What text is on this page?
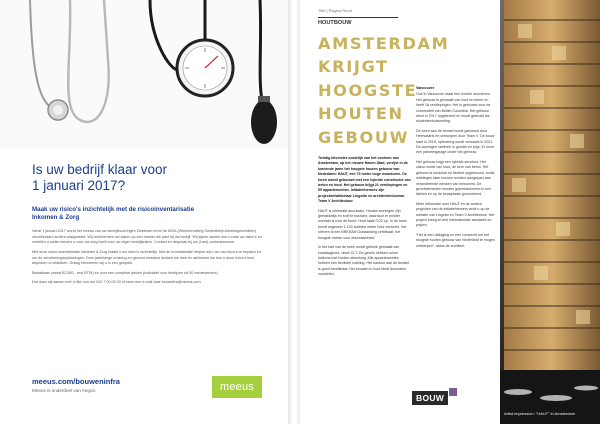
Is uw bedrijf klaar voor
1 januari 2017?
Maak uw risico's inzichtelijk met de risicoinventarisatie
Inkomen & Zorg

Vanaf 1 januari 2017 wordt het niveau van uw bedrijfsvoeringen Ziektewet en/of de WGA (Werkhervatting Gedeeltelijk Arbeidsgeschikten) verzekeraars anders vastgesteld. Wij beschermen uw zaken op een manier die past bij uw bedrijf. Wij kijken samen met u naar uw risico's en vertellen u welke keuzes u voor uw zorg heeft voor uw eigen bedrijfsrisico. Contact en afspraak bij uw (Last) contactpersoon.

Met onze risico-inventarisatie Inkomen & Zorg maakt u uw risico's inzichtelijk. Met de inventarisatie helpen wij u om uw risico's te bepalen en om de verzekeringsoplossingen. Door jarenlange ervaring en gezond verstand denken we mee en adviseren we hoe u deze risico's kunt beperken of afdekken. Graag informeren wij u in een gesprek.

Betaalbaar (vanaf €2.500,- excl BTW) en voor een compleet advies (Indicatief voor bedrijven tot 50 medewerkers)

Dat doen wij samen met u! Bel ons om 020 7 00 00 00 of stuur een e-mail naar bouwinfra@meeus.com.

meeus.com/bouweninfra
Meeus is onderdeel van Aegon.	meeus
Titel | Pagina Rond
HOUTBOUW
AMSTERDAM
KRIJGT
HOOGSTE
HOUTEN
GEBOUW

Twintig kilometer oostelijk van het centrum van Amsterdam, op het nieuwe Haven-Stad, verrijst in de komende jaren het hoogste houten gebouw van Nederland: HAUT, een 73 meter hoge woontoren. De toren wordt gebouwd met een hybride constructie van beton en hout. Het gebouw krijgt 21 verdiepingen en 55 appartementen. Initiatiefnemers zijn projectontwikkelaar Lingotto en architectenbureau Team V Architectuur.

HAUT is uitermate duurzaam. Houten woningen zijn gemakkelijk en snel te bouwen, waardoor er minder overlast is voor de buurt. Hout slaat CO2 op. In de toren wordt ongeveer 1.100 kubieke meter hout verwerkt. Het streven is een BREEAM Outstanding certificaat, het hoogste niveau voor duurzaamheid.

In het hart van de toren wordt gebruik gemaakt van kruislaaghout, ofwel CLT. De gevels hebben ruime balkons met houten afwerking. Alle appartementen hebben een flexibele indeling. Het kantoor aan de Amstel is goed bereikbaar. Het bouwen in hout biedt duurzame voordelen.

Vancouver

Ook in Vancouver staat een houten woontoren. Het gebouw is gemaakt van hout en beton en heeft 18 verdiepingen. Het is gebouwd voor de Universiteit van British Columbia. Het gebouw werd in 2017 opgeleverd en wordt gebruikt als studentenhuisvesting.

De toren aan de Amstel wordt gebouwd door Heerwaarts en ontworpen door Team V. De bouw start in 2018, oplevering wordt verwacht in 2021. De woningen variëren in grootte en prijs. Er komt een parkeergarage onder het gebouw.

Het gebouw krijgt een hybride structuur. Het casco wordt van hout, de kern van beton. Het gebouw is modulair en flexibel opgebouwd, zodat indelingen later kunnen worden aangepast aan veranderende wensen van bewoners. De gevelelementen worden geprefabriceerd in een fabriek en op de bouwplaats gemonteerd.

Meer informatie over HAUT en de andere projecten van de initiatiefnemers vindt u op de website van Lingotto en Team V Architectuur. Het project kreeg al veel internationale aandacht en prijzen.

"Het is een uitdaging en een voorrecht om het hoogste houten gebouw van Nederland te mogen ontwerpen", aldus de architect.

BOUW
Artist impression: "HAUT" in Amsterdam
